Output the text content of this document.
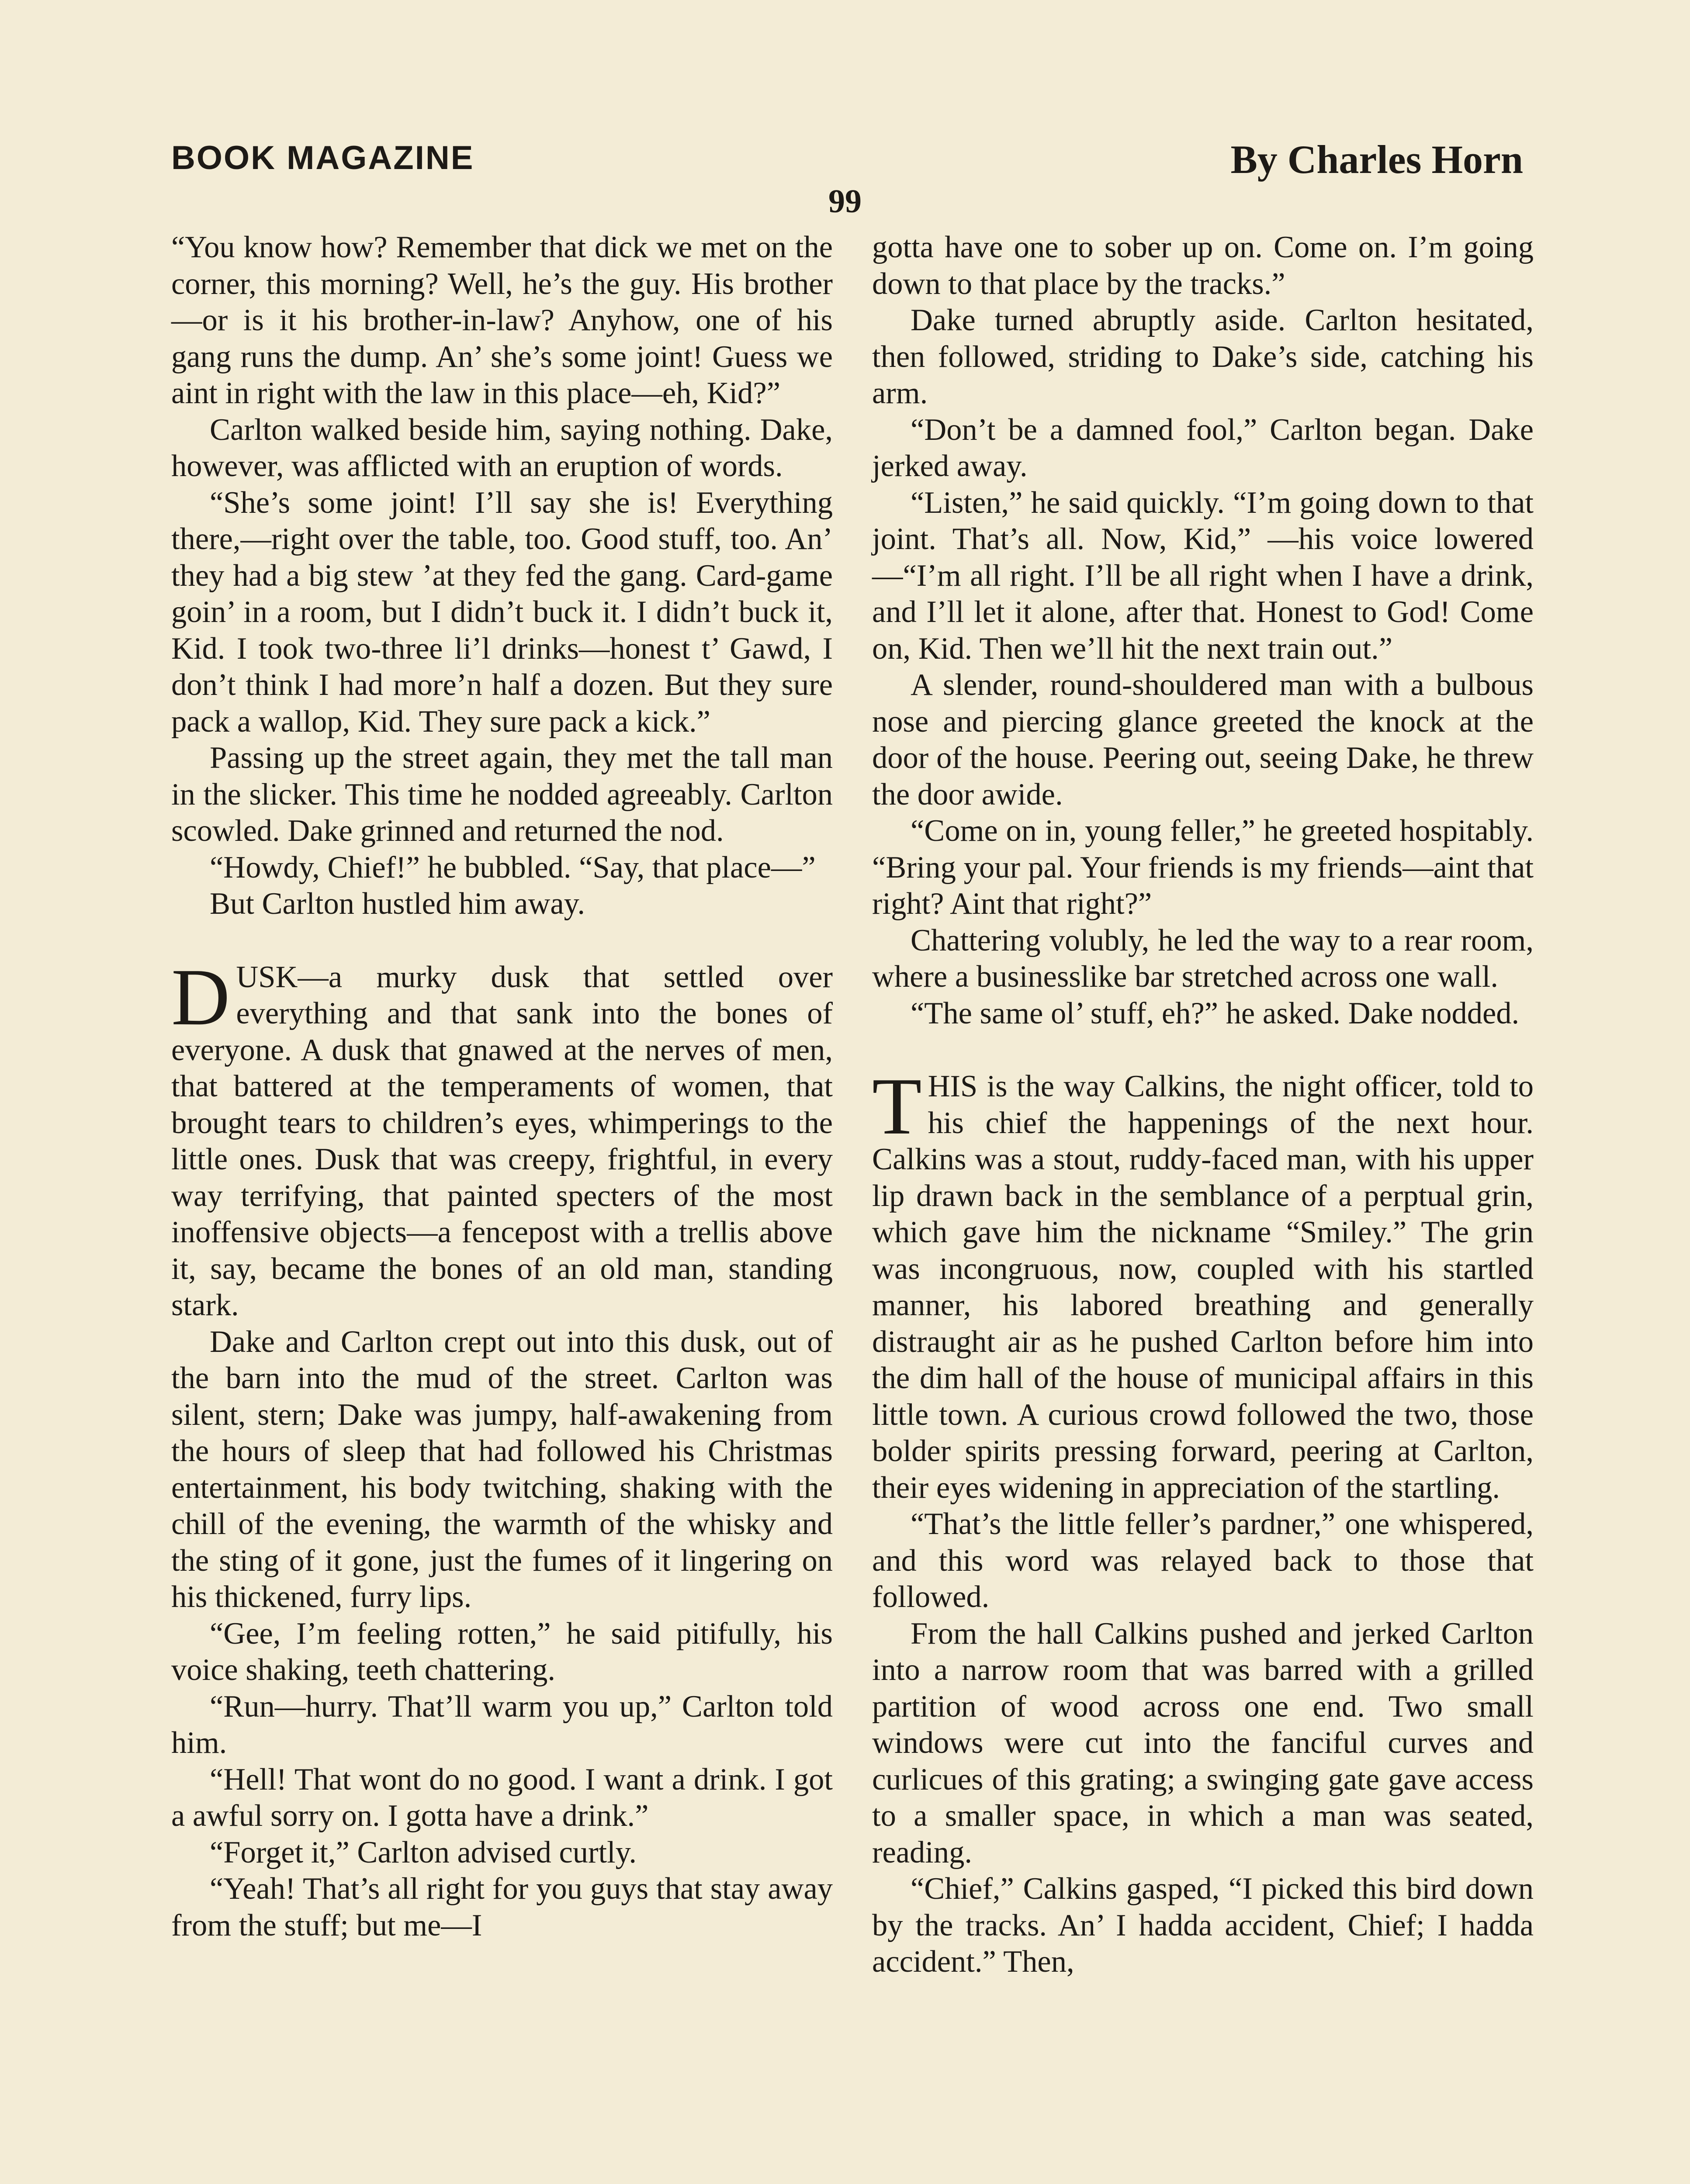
BOOK MAGAZINE	By Charles Horn
99

“You know how? Remember that dick we met on the corner, this morning? Well, he’s the guy. His brother—or is it his brother-in-law? Anyhow, one of his gang runs the dump. An’ she’s some joint! Guess we aint in right with the law in this place—eh, Kid?”

Carlton walked beside him, saying nothing. Dake, however, was afflicted with an eruption of words.

“She’s some joint! I’ll say she is! Everything there,—right over the table, too. Good stuff, too. An’ they had a big stew ’at they fed the gang. Card-game goin’ in a room, but I didn’t buck it. I didn’t buck it, Kid. I took two-three li’l drinks—honest t’ Gawd, I don’t think I had more’n half a dozen. But they sure pack a wallop, Kid. They sure pack a kick.”

Passing up the street again, they met the tall man in the slicker. This time he nodded agreeably. Carlton scowled. Dake grinned and returned the nod.

“Howdy, Chief!” he bubbled. “Say, that place—”

But Carlton hustled him away.

DUSK—a murky dusk that settled over everything and that sank into the bones of everyone. A dusk that gnawed at the nerves of men, that battered at the temperaments of women, that brought tears to children’s eyes, whimperings to the little ones. Dusk that was creepy, frightful, in every way terrifying, that painted specters of the most inoffensive objects—a fencepost with a trellis above it, say, became the bones of an old man, standing stark.

Dake and Carlton crept out into this dusk, out of the barn into the mud of the street. Carlton was silent, stern; Dake was jumpy, half-awakening from the hours of sleep that had followed his Christmas entertainment, his body twitching, shaking with the chill of the evening, the warmth of the whisky and the sting of it gone, just the fumes of it lingering on his thickened, furry lips.

“Gee, I’m feeling rotten,” he said pitifully, his voice shaking, teeth chattering.

“Run—hurry. That’ll warm you up,” Carlton told him.

“Hell! That wont do no good. I want a drink. I got a awful sorry on. I gotta have a drink.”

“Forget it,” Carlton advised curtly.

“Yeah! That’s all right for you guys that stay away from the stuff; but me—I

gotta have one to sober up on. Come on. I’m going down to that place by the tracks.”

Dake turned abruptly aside. Carlton hesitated, then followed, striding to Dake’s side, catching his arm.

“Don’t be a damned fool,” Carlton began. Dake jerked away.

“Listen,” he said quickly. “I’m going down to that joint. That’s all. Now, Kid,” —his voice lowered—“I’m all right. I’ll be all right when I have a drink, and I’ll let it alone, after that. Honest to God! Come on, Kid. Then we’ll hit the next train out.”

A slender, round-shouldered man with a bulbous nose and piercing glance greeted the knock at the door of the house. Peering out, seeing Dake, he threw the door awide.

“Come on in, young feller,” he greeted hospitably. “Bring your pal. Your friends is my friends—aint that right? Aint that right?”

Chattering volubly, he led the way to a rear room, where a businesslike bar stretched across one wall.

“The same ol’ stuff, eh?” he asked. Dake nodded.

THIS is the way Calkins, the night officer, told to his chief the happenings of the next hour. Calkins was a stout, ruddy-faced man, with his upper lip drawn back in the semblance of a perptual grin, which gave him the nickname “Smiley.” The grin was incongruous, now, coupled with his startled manner, his labored breathing and generally distraught air as he pushed Carlton before him into the dim hall of the house of municipal affairs in this little town. A curious crowd followed the two, those bolder spirits pressing forward, peering at Carlton, their eyes widening in appreciation of the startling.

“That’s the little feller’s pardner,” one whispered, and this word was relayed back to those that followed.

From the hall Calkins pushed and jerked Carlton into a narrow room that was barred with a grilled partition of wood across one end. Two small windows were cut into the fanciful curves and curlicues of this grating; a swinging gate gave access to a smaller space, in which a man was seated, reading.

“Chief,” Calkins gasped, “I picked this bird down by the tracks. An’ I hadda accident, Chief; I hadda accident.” Then,
